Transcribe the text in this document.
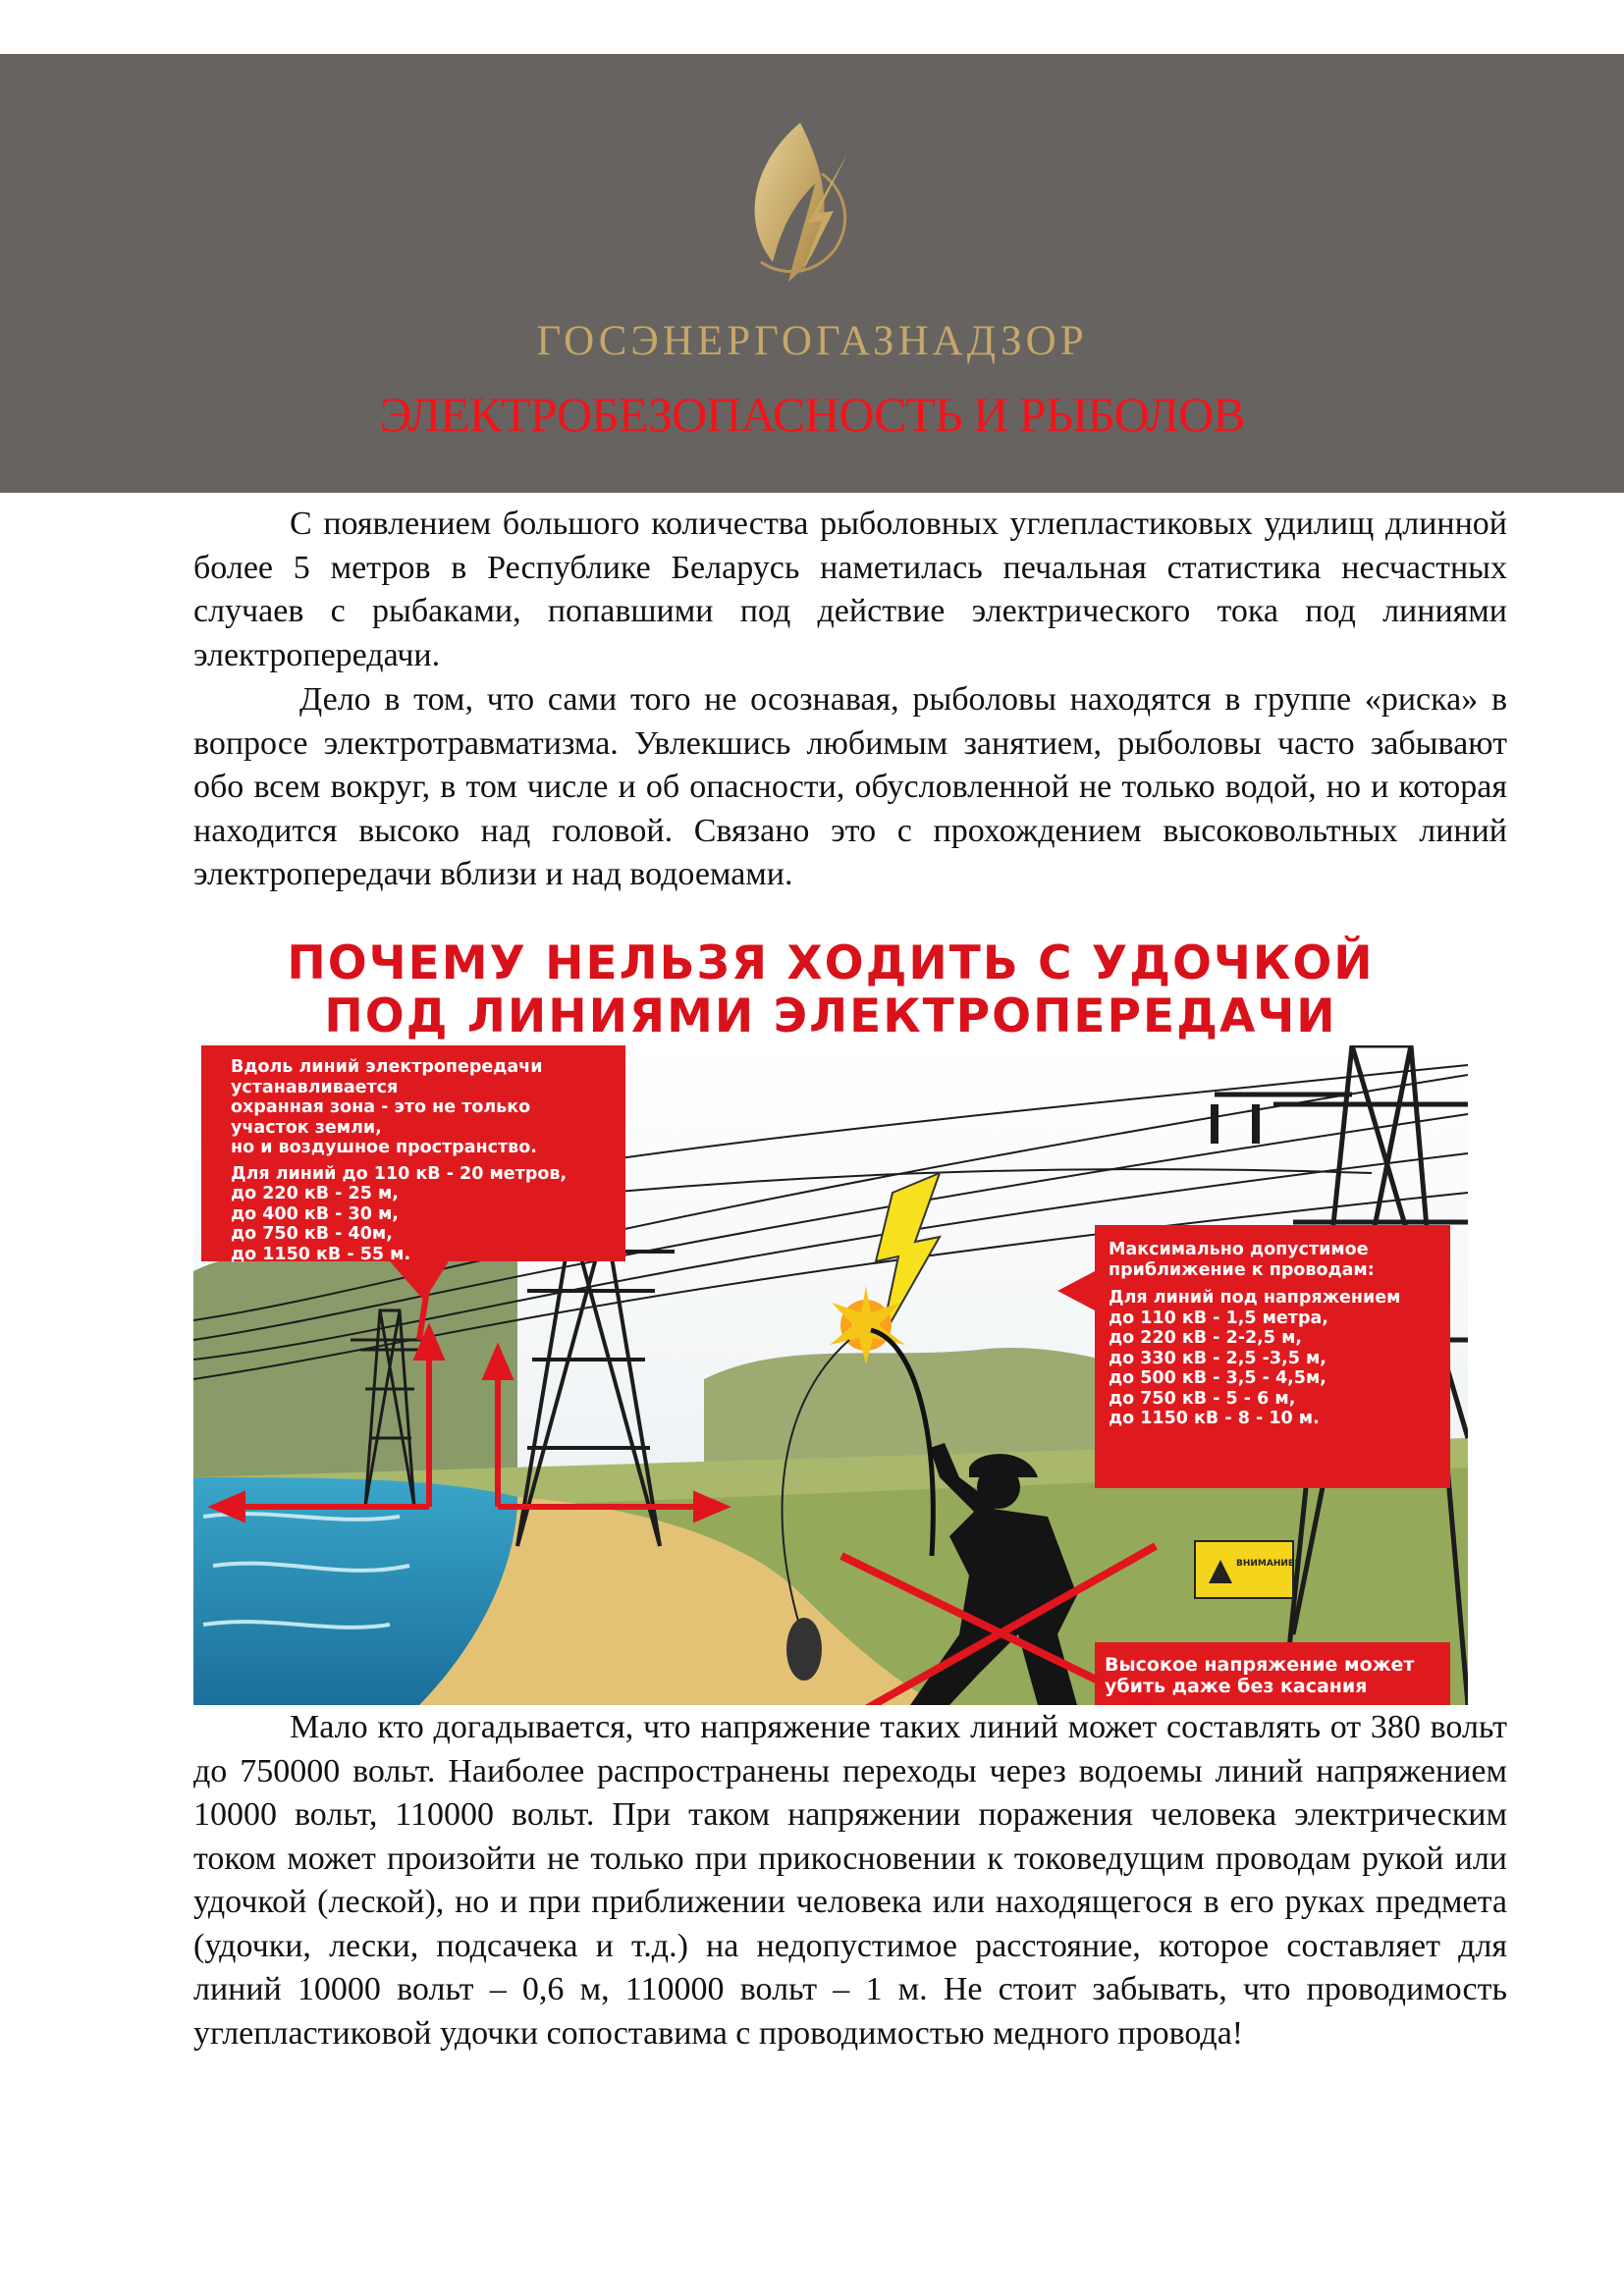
ГОСЭНЕРГОГАЗНАДЗОР
ЭЛЕКТРОБЕЗОПАСНОСТЬ И РЫБОЛОВ

С появлением большого количества рыболовных углепластиковых удилищ длинной более 5 метров в Республике Беларусь наметилась печальная статистика несчастных случаев с рыбаками, попавшими под действие электрического тока под линиями электропередачи.

Дело в том, что сами того не осознавая, рыболовы находятся в группе «риска» в вопросе электротравматизма. Увлекшись любимым занятием, рыболовы часто забывают обо всем вокруг, в том числе и об опасности, обусловленной не только водой, но и которая находится высоко над головой. Связано это с прохождением высоковольтных линий электропередачи вблизи и над водоемами.

ПОЧЕМУ НЕЛЬЗЯ ХОДИТЬ С УДОЧКОЙ
ПОД ЛИНИЯМИ ЭЛЕКТРОПЕРЕДАЧИ
ВНИМАНИЕ!

Вдоль линий электропередачи устанавливается
охранная зона - это не только участок земли,
но и воздушное пространство.
Для линий до 110 кВ - 20 метров,
до 220 кВ - 25 м,
до 400 кВ - 30 м,
до 750 кВ - 40м,
до 1150 кВ - 55 м.	Максимально допустимое
приближение к проводам:
Для линий под напряжением
до 110 кВ - 1,5 метра,
до 220 кВ - 2-2,5 м,
до 330 кВ - 2,5 -3,5 м,
до 500 кВ - 3,5 - 4,5м,
до 750 кВ - 5 - 6 м,
до 1150 кВ - 8 - 10 м.

Высокое напряжение может
убить даже без касания

Мало кто догадывается, что напряжение таких линий может составлять от 380 вольт до 750000 вольт. Наиболее распространены переходы через водоемы линий напряжением 10000 вольт, 110000 вольт. При таком напряжении поражения человека электрическим током может произойти не только при прикосновении к токоведущим проводам рукой или удочкой (леской), но и при приближении человека или находящегося в его руках предмета (удочки, лески, подсачека и т.д.) на недопустимое расстояние, которое составляет для линий 10000 вольт – 0,6 м, 110000 вольт – 1 м. Не стоит забывать, что проводимость углепластиковой удочки сопоставима с проводимостью медного провода!
